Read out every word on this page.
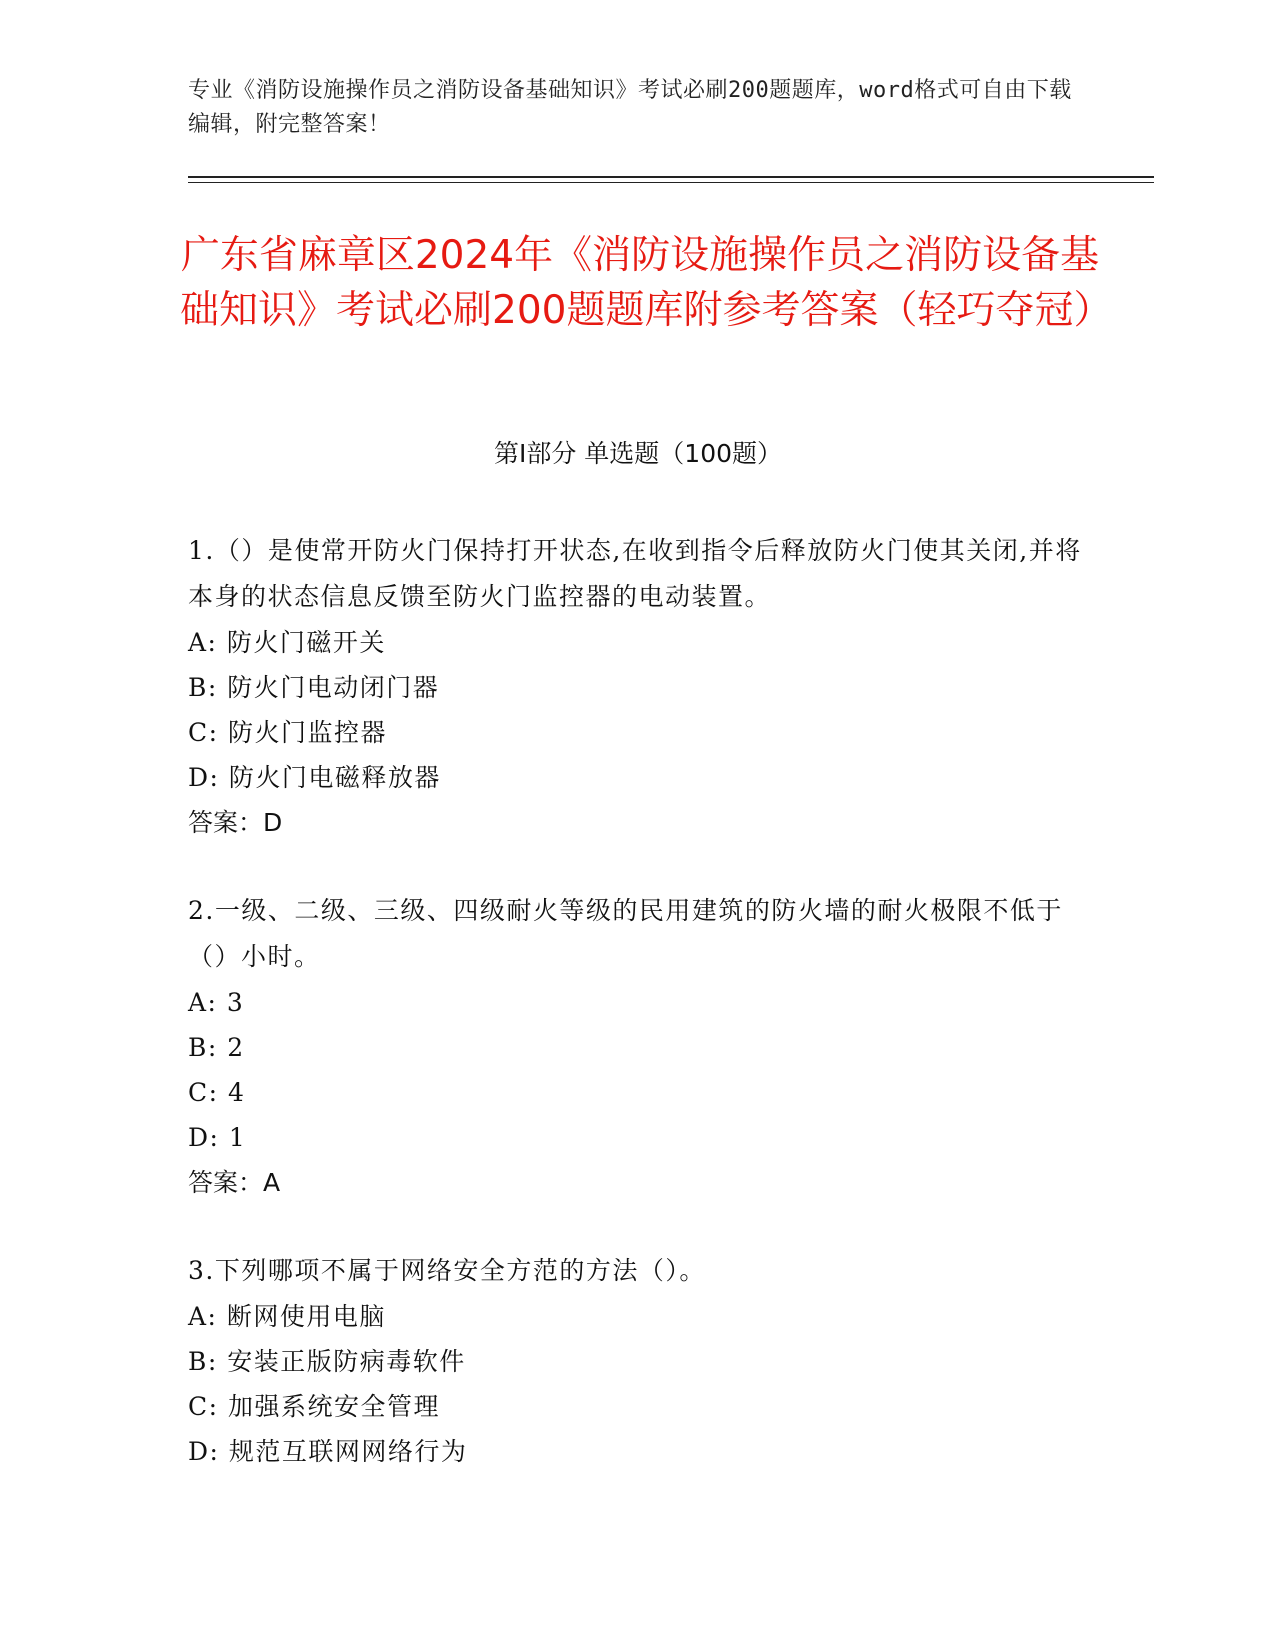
专业《消防设施操作员之消防设备基础知识》考试必刷200题题库，word格式可自由下载编辑，附完整答案！
广东省麻章区2024年《消防设施操作员之消防设备基础知识》考试必刷200题题库附参考答案（轻巧夺冠）
第Ⅰ部分 单选题（100题）

1.（）是使常开防火门保持打开状态,在收到指令后释放防火门使其关闭,并将本身的状态信息反馈至防火门监控器的电动装置。

A: 防火门磁开关

B: 防火门电动闭门器

C: 防火门监控器

D: 防火门电磁释放器

答案：D

2.一级、二级、三级、四级耐火等级的民用建筑的防火墙的耐火极限不低于（）小时。

A: 3

B: 2

C: 4

D: 1

答案：A

3.下列哪项不属于网络安全方范的方法（）。

A: 断网使用电脑

B: 安装正版防病毒软件

C: 加强系统安全管理

D: 规范互联网网络行为
